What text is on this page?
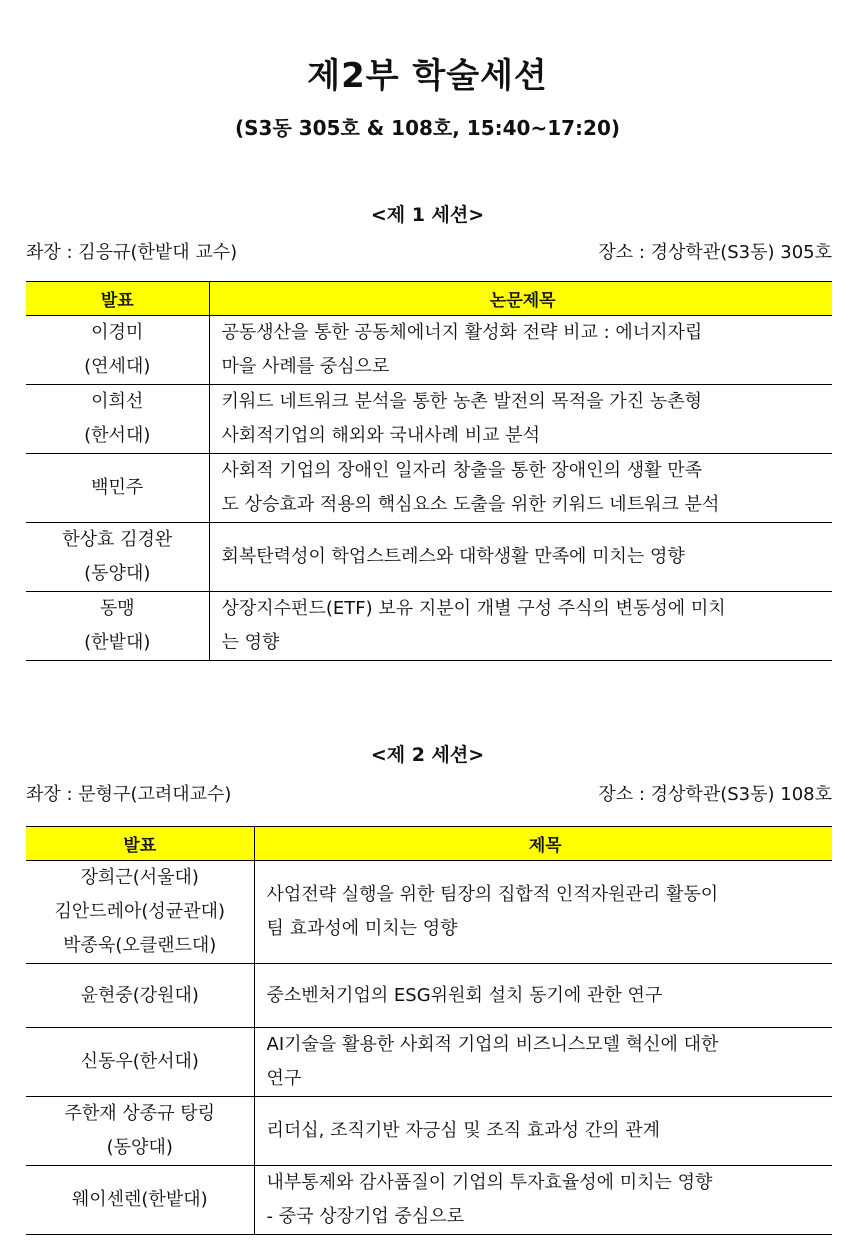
제2부 학술세션
(S3동 305호 & 108호, 15:40~17:20)
<제 1 세션>
좌장 : 김응규(한밭대 교수)	장소 : 경상학관(S3동) 305호
발표	논문제목

이경미
(연세대)	공동생산을 통한 공동체에너지 활성화 전략 비교 : 에너지자립
마을 사례를 중심으로

이희선
(한서대)	키워드 네트워크 분석을 통한 농촌 발전의 목적을 가진 농촌형
사회적기업의 해외와 국내사례 비교 분석

백민주	사회적 기업의 장애인 일자리 창출을 통한 장애인의 생활 만족
도 상승효과 적용의 핵심요소 도출을 위한 키워드 네트워크 분석

한상효 김경완
(동양대)	회복탄력성이 학업스트레스와 대학생활 만족에 미치는 영향

동맹
(한밭대)	상장지수펀드(ETF) 보유 지분이 개별 구성 주식의 변동성에 미치
는 영향
<제 2 세션>
좌장 : 문형구(고려대교수)	장소 : 경상학관(S3동) 108호
발표	제목

장희근(서울대)
김안드레아(성균관대)
박종욱(오클랜드대)	사업전략 실행을 위한 팀장의 집합적 인적자원관리 활동이
팀 효과성에 미치는 영향

윤현중(강원대)	중소벤처기업의 ESG위원회 설치 동기에 관한 연구

신동우(한서대)	AI기술을 활용한 사회적 기업의 비즈니스모델 혁신에 대한
연구

주한재 상종규 탕링
(동양대)	리더십, 조직기반 자긍심 및 조직 효과성 간의 관계

웨이센렌(한밭대)	내부통제와 감사품질이 기업의 투자효율성에 미치는 영향
- 중국 상장기업 중심으로
